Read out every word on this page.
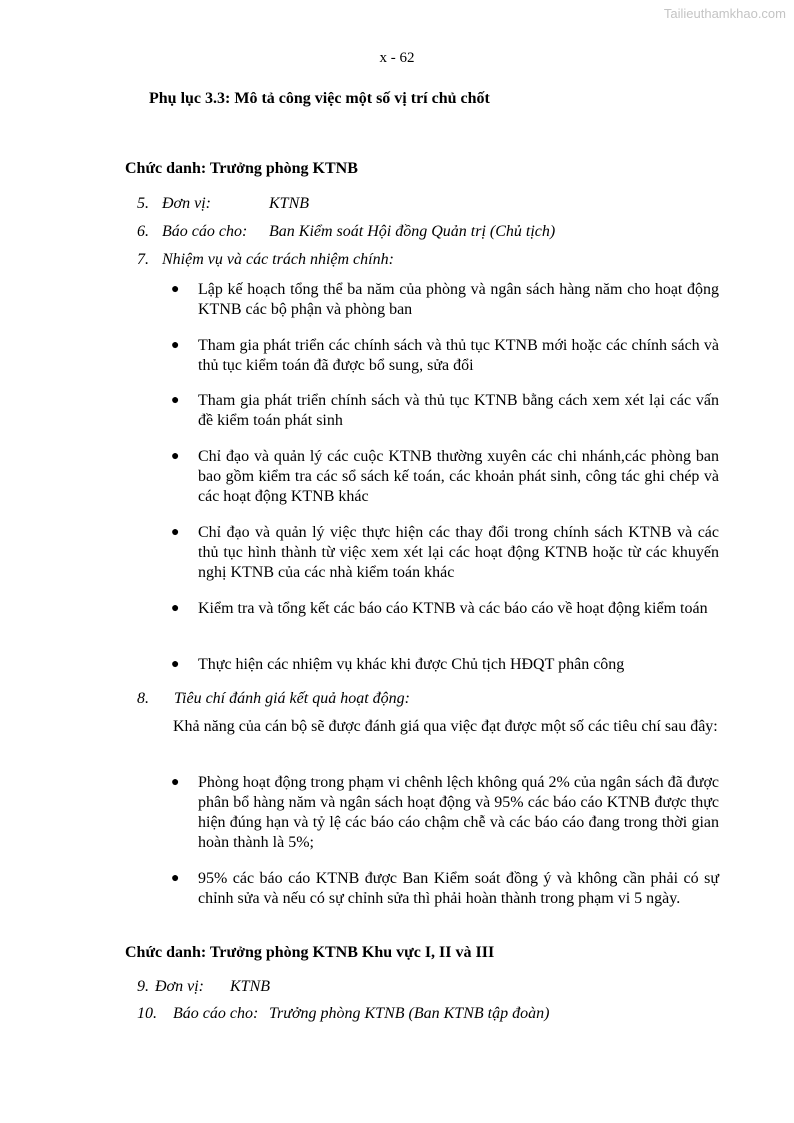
Tailieuthamkhao.com
x - 62
Phụ lục 3.3: Mô tả công việc một số vị trí chủ chốt
Chức danh: Trưởng phòng KTNB
5. Đơn vị:	KTNB
6. Báo cáo cho: Ban Kiểm soát Hội đồng Quản trị (Chủ tịch)
7. Nhiệm vụ và các trách nhiệm chính:
● Lập kế hoạch tổng thể ba năm của phòng và ngân sách hàng năm cho hoạt động KTNB các bộ phận và phòng ban
● Tham gia phát triển các chính sách và thủ tục KTNB mới hoặc các chính sách và thủ tục kiểm toán đã được bổ sung, sửa đổi
● Tham gia phát triển chính sách và thủ tục KTNB bằng cách xem xét lại các vấn đề kiểm toán phát sinh
● Chỉ đạo và quản lý các cuộc KTNB thường xuyên các chi nhánh,các phòng ban bao gồm kiểm tra các sổ sách kế toán, các khoản phát sinh, công tác ghi chép và các hoạt động KTNB khác
● Chỉ đạo và quản lý việc thực hiện các thay đổi trong chính sách KTNB và các thủ tục hình thành từ việc xem xét lại các hoạt động KTNB hoặc từ các khuyến nghị KTNB của các nhà kiểm toán khác
● Kiểm tra và tổng kết các báo cáo KTNB và các báo cáo về hoạt động kiểm toán
● Thực hiện các nhiệm vụ khác khi được Chủ tịch HĐQT phân công
8. Tiêu chí đánh giá kết quả hoạt động:
Khả năng của cán bộ sẽ được đánh giá qua việc đạt được một số các tiêu chí sau đây:
● Phòng hoạt động trong phạm vi chênh lệch không quá 2% của ngân sách đã được phân bổ hàng năm và ngân sách hoạt động và 95% các báo cáo KTNB được thực hiện đúng hạn và tỷ lệ các báo cáo chậm chễ và các báo cáo đang trong thời gian hoàn thành là 5%;
● 95% các báo cáo KTNB được Ban Kiểm soát đồng ý và không cần phải có sự chỉnh sửa và nếu có sự chỉnh sửa thì phải hoàn thành trong phạm vi 5 ngày.
Chức danh: Trưởng phòng KTNB Khu vực I, II và III
9. Đơn vị: KTNB
10. Báo cáo cho: Trưởng phòng KTNB (Ban KTNB tập đoàn)
